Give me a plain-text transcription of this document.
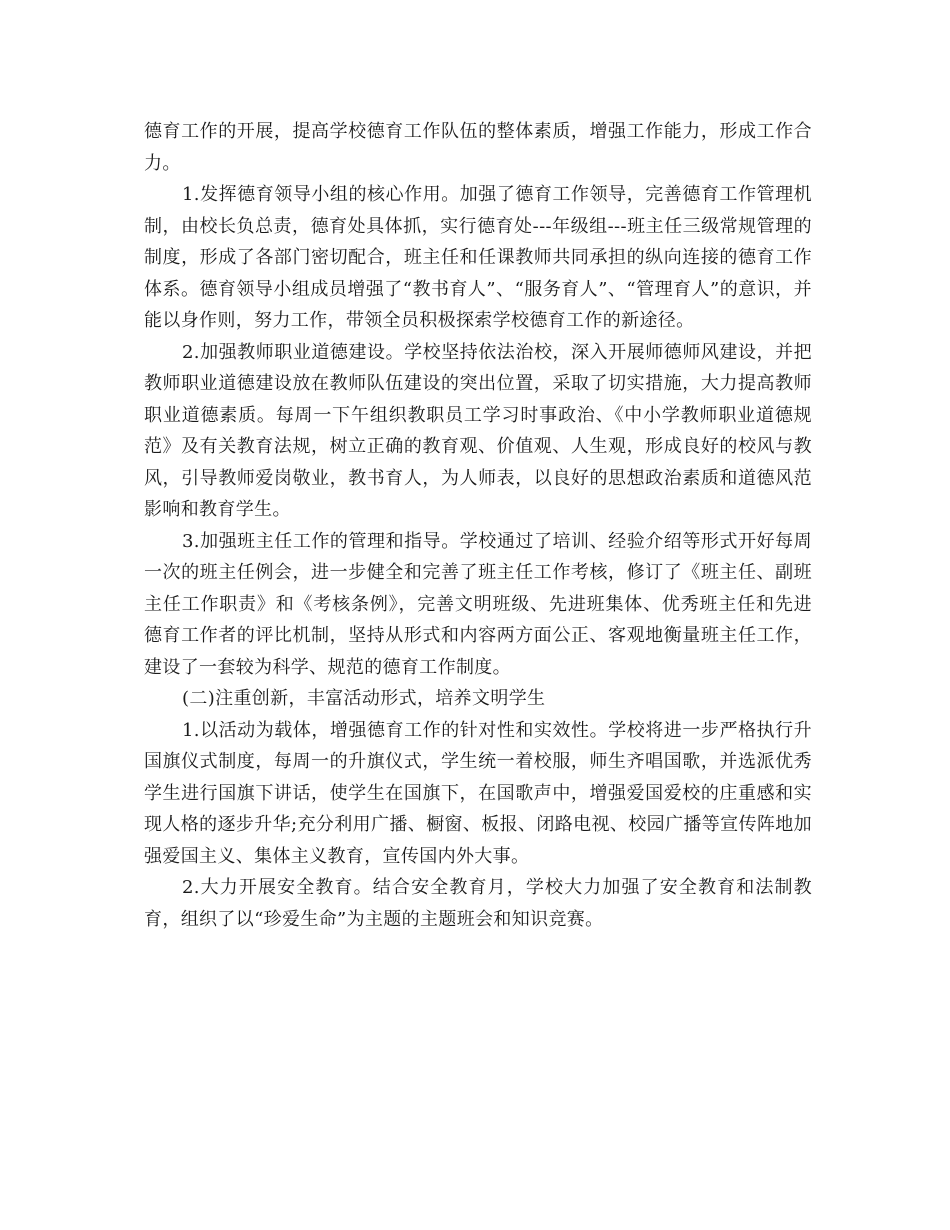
德育工作的开展，提高学校德育工作队伍的整体素质，增强工作能力，形成工作合力。

1.发挥德育领导小组的核心作用。加强了德育工作领导，完善德育工作管理机制，由校长负总责，德育处具体抓，实行德育处---年级组---班主任三级常规管理的制度，形成了各部门密切配合，班主任和任课教师共同承担的纵向连接的德育工作体系。德育领导小组成员增强了“教书育人”、“服务育人”、“管理育人”的意识，并能以身作则，努力工作，带领全员积极探索学校德育工作的新途径。

2.加强教师职业道德建设。学校坚持依法治校，深入开展师德师风建设，并把教师职业道德建设放在教师队伍建设的突出位置，采取了切实措施，大力提高教师职业道德素质。每周一下午组织教职员工学习时事政治、《中小学教师职业道德规范》及有关教育法规，树立正确的教育观、价值观、人生观，形成良好的校风与教风，引导教师爱岗敬业，教书育人，为人师表，以良好的思想政治素质和道德风范影响和教育学生。

3.加强班主任工作的管理和指导。学校通过了培训、经验介绍等形式开好每周一次的班主任例会，进一步健全和完善了班主任工作考核，修订了《班主任、副班主任工作职责》和《考核条例》，完善文明班级、先进班集体、优秀班主任和先进德育工作者的评比机制，坚持从形式和内容两方面公正、客观地衡量班主任工作，建设了一套较为科学、规范的德育工作制度。

(二)注重创新，丰富活动形式，培养文明学生

1.以活动为载体，增强德育工作的针对性和实效性。学校将进一步严格执行升国旗仪式制度，每周一的升旗仪式，学生统一着校服，师生齐唱国歌，并选派优秀学生进行国旗下讲话，使学生在国旗下，在国歌声中，增强爱国爱校的庄重感和实现人格的逐步升华;充分利用广播、橱窗、板报、闭路电视、校园广播等宣传阵地加强爱国主义、集体主义教育，宣传国内外大事。

2.大力开展安全教育。结合安全教育月，学校大力加强了安全教育和法制教育，组织了以“珍爱生命”为主题的主题班会和知识竞赛。
